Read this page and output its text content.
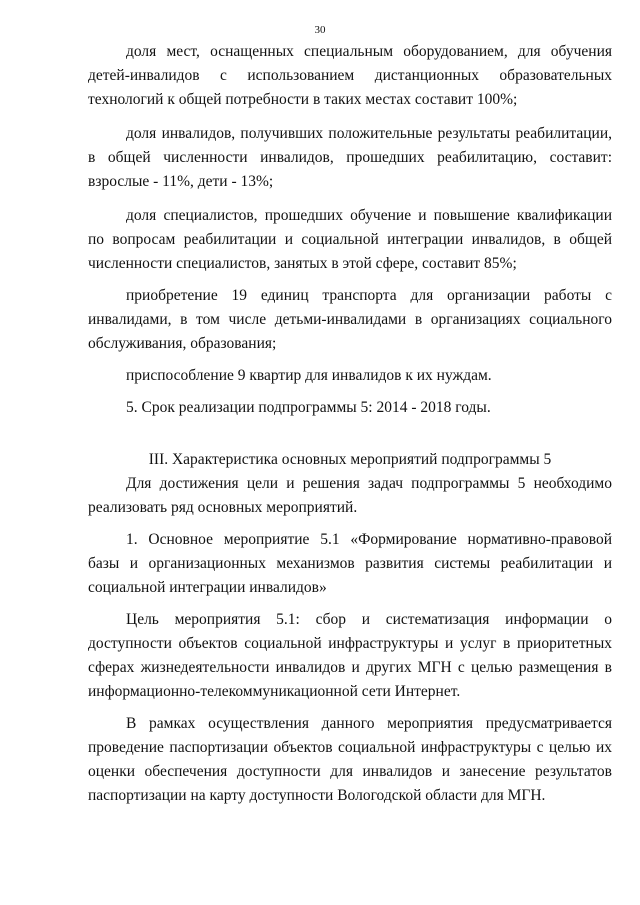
30

доля мест, оснащенных специальным оборудованием, для обучения детей-инвалидов с использованием дистанционных образовательных технологий к общей потребности в таких местах составит 100%;

доля инвалидов, получивших положительные результаты реабилитации, в общей численности инвалидов, прошедших реабилитацию, составит: взрослые - 11%, дети - 13%;

доля специалистов, прошедших обучение и повышение квалификации по вопросам реабилитации и социальной интеграции инвалидов, в общей численности специалистов, занятых в этой сфере, составит 85%;

приобретение 19 единиц транспорта для организации работы с инвалидами, в том числе детьми-инвалидами в организациях социального обслуживания, образования;

приспособление 9 квартир для инвалидов к их нуждам.

5. Срок реализации подпрограммы 5: 2014 - 2018 годы.

III. Характеристика основных мероприятий подпрограммы 5

Для достижения цели и решения задач подпрограммы 5 необходимо реализовать ряд основных мероприятий.

1. Основное мероприятие 5.1 «Формирование нормативно-правовой базы и организационных механизмов развития системы реабилитации и социальной интеграции инвалидов»

Цель мероприятия 5.1: сбор и систематизация информации о доступности объектов социальной инфраструктуры и услуг в приоритетных сферах жизнедеятельности инвалидов и других МГН с целью размещения в информационно-телекоммуникационной сети Интернет.

В рамках осуществления данного мероприятия предусматривается проведение паспортизации объектов социальной инфраструктуры с целью их оценки обеспечения доступности для инвалидов и занесение результатов паспортизации на карту доступности Вологодской области для МГН.
